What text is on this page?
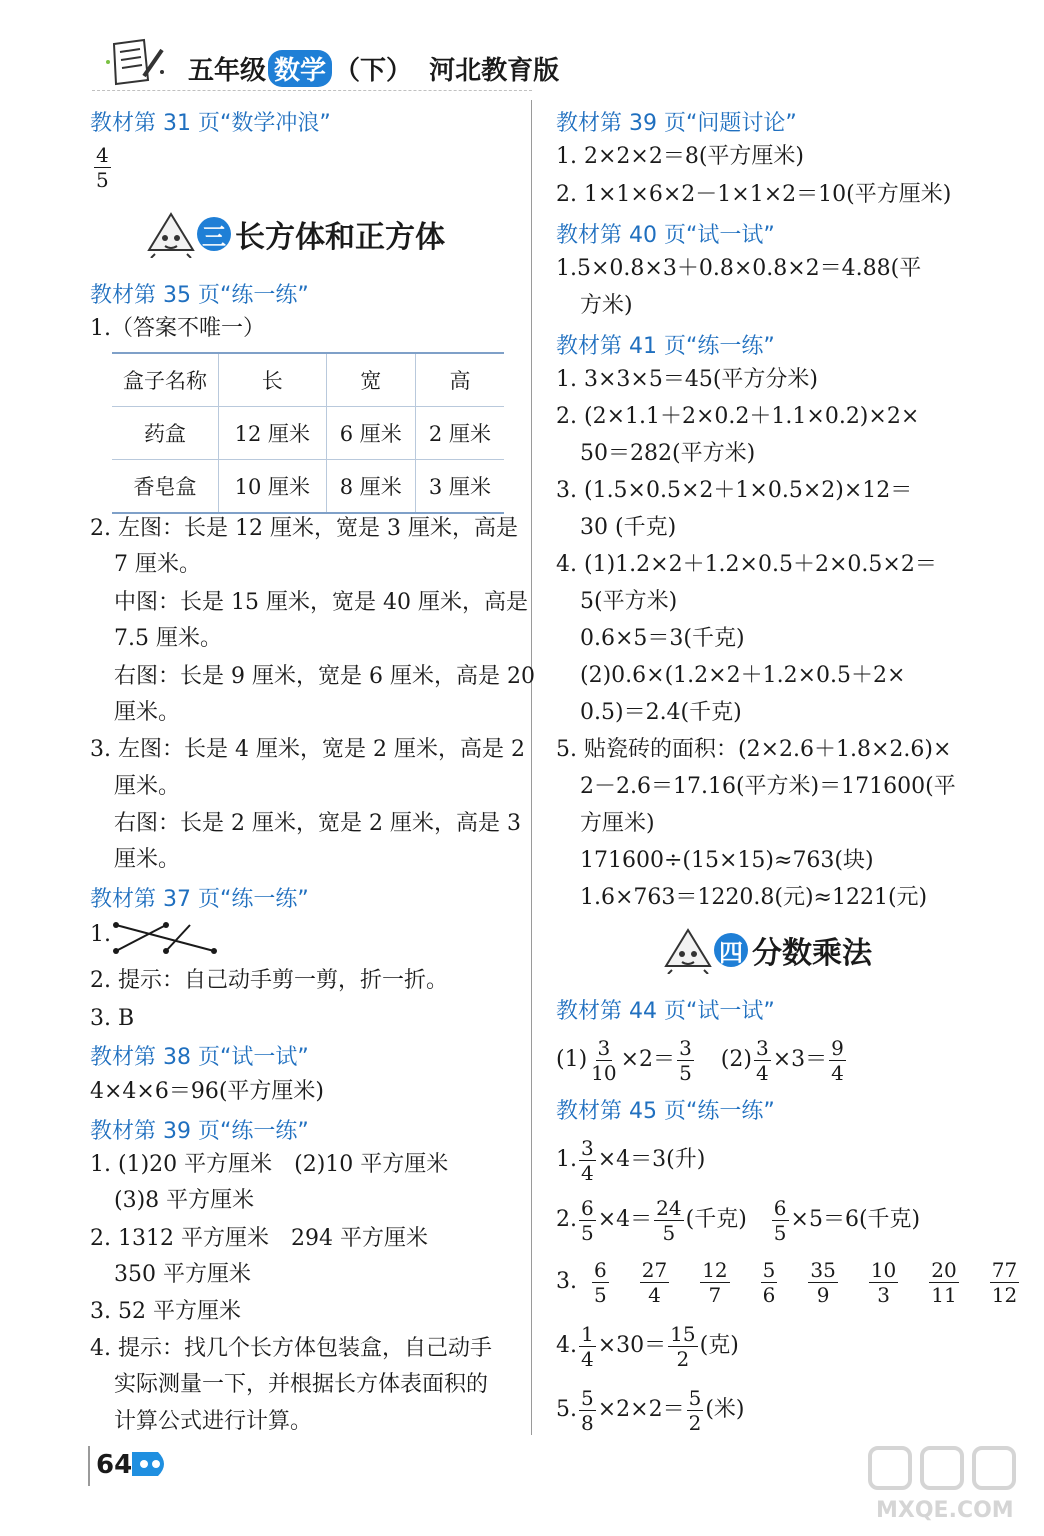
五年级 数学 （下） 河北教育版
教材第 31 页“数学冲浪”
$\frac{4}{5}$
三 长方体和正方体
教材第 35 页“练一练”
1.（答案不唯一）
盒子名称	长	宽	高
药盒	12 厘米	6 厘米	2 厘米
香皂盒	10 厘米	8 厘米	3 厘米
2. 左图：长是 12 厘米，宽是 3 厘米，高是
7 厘米。
中图：长是 15 厘米，宽是 40 厘米，高是
7.5 厘米。
右图：长是 9 厘米，宽是 6 厘米，高是 20
厘米。
3. 左图：长是 4 厘米，宽是 2 厘米，高是 2
厘米。
右图：长是 2 厘米，宽是 2 厘米，高是 3
厘米。
教材第 37 页“练一练”
1.
2. 提示：自己动手剪一剪，折一折。
3. B
教材第 38 页“试一试”
4×4×6＝96(平方厘米)
教材第 39 页“练一练”
1. (1)20 平方厘米　(2)10 平方厘米
(3)8 平方厘米
2. 1312 平方厘米　294 平方厘米
350 平方厘米
3. 52 平方厘米
4. 提示：找几个长方体包装盒，自己动手
实际测量一下，并根据长方体表面积的
计算公式进行计算。
教材第 39 页“问题讨论”
1. 2×2×2＝8(平方厘米)
2. 1×1×6×2－1×1×2＝10(平方厘米)
教材第 40 页“试一试”
1.5×0.8×3＋0.8×0.8×2＝4.88(平
方米)
教材第 41 页“练一练”
1. 3×3×5＝45(平方分米)
2. (2×1.1＋2×0.2＋1.1×0.2)×2×
50＝282(平方米)
3. (1.5×0.5×2＋1×0.5×2)×12＝
30 (千克)
4. (1)1.2×2＋1.2×0.5＋2×0.5×2＝
5(平方米)
0.6×5＝3(千克)
(2)0.6×(1.2×2＋1.2×0.5＋2×
0.5)＝2.4(千克)
5. 贴瓷砖的面积：(2×2.6＋1.8×2.6)×
2－2.6＝17.16(平方米)＝171600(平
方厘米)
171600÷(15×15)≈763(块)
1.6×763＝1220.8(元)≈1221(元)
四 分数乘法
教材第 44 页“试一试”
$(1) \frac{3}{10} \times 2= \frac{3}{5} (2) \frac{3}{4} \times 3= \frac{9}{4}$
教材第 45 页“练一练”
1. $\frac{3}{4} \times 4=3$(升)
2. $\frac{6}{5} \times 4= \frac{24}{5}$ (千克) $\frac{6}{5} \times 5=6$(千克)
3. $\frac{6}{5}$
$\frac{27}{4}$
$\frac{12}{7}$
$\frac{5}{6}$
$\frac{35}{9}$
$\frac{10}{3}$
$\frac{20}{11}$
$\frac{77}{12}$
4. $\frac{1}{4} \times 30= \frac{15}{2}$ (克)
5. $\frac{5}{8} \times 2\times 2= \frac{5}{2}$ (米)
64
MXQE.COM
